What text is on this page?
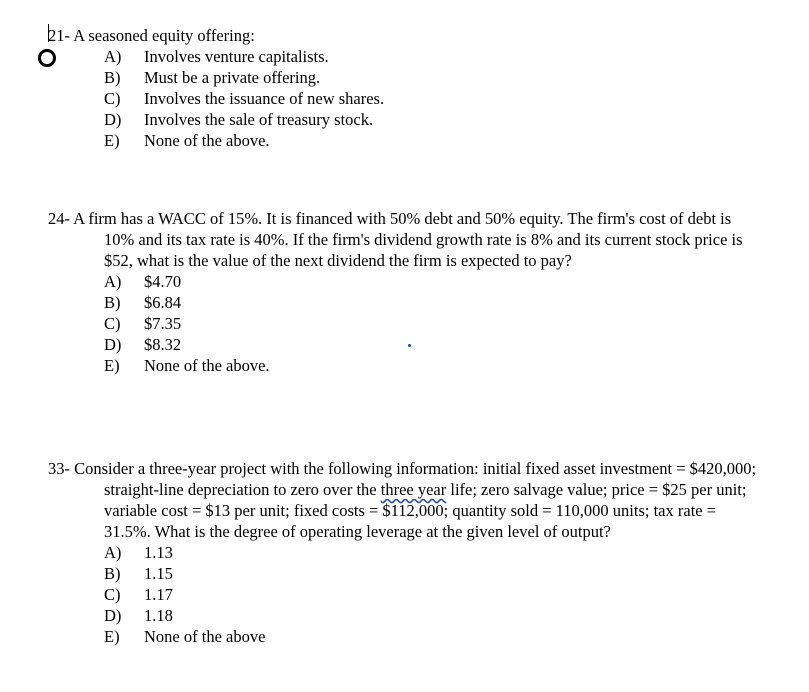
21- A seasoned equity offering:

A)	Involves venture capitalists.
B)	Must be a private offering.
C)	Involves the issuance of new shares.
D)	Involves the sale of treasury stock.
E)	None of the above.

24- A firm has a WACC of 15%. It is financed with 50% debt and 50% equity. The firm's cost of debt is 10% and its tax rate is 40%. If the firm's dividend growth rate is 8% and its current stock price is $52, what is the value of the next dividend the firm is expected to pay?

A)	$4.70
B)	$6.84
C)	$7.35
D)	$8.32
E)	None of the above.

33- Consider a three-year project with the following information: initial fixed asset investment = $420,000; straight-line depreciation to zero over the three year life; zero salvage value; price = $25 per unit; variable cost = $13 per unit; fixed costs = $112,000; quantity sold = 110,000 units; tax rate = 31.5%. What is the degree of operating leverage at the given level of output?

A)	1.13
B)	1.15
C)	1.17
D)	1.18
E)	None of the above
